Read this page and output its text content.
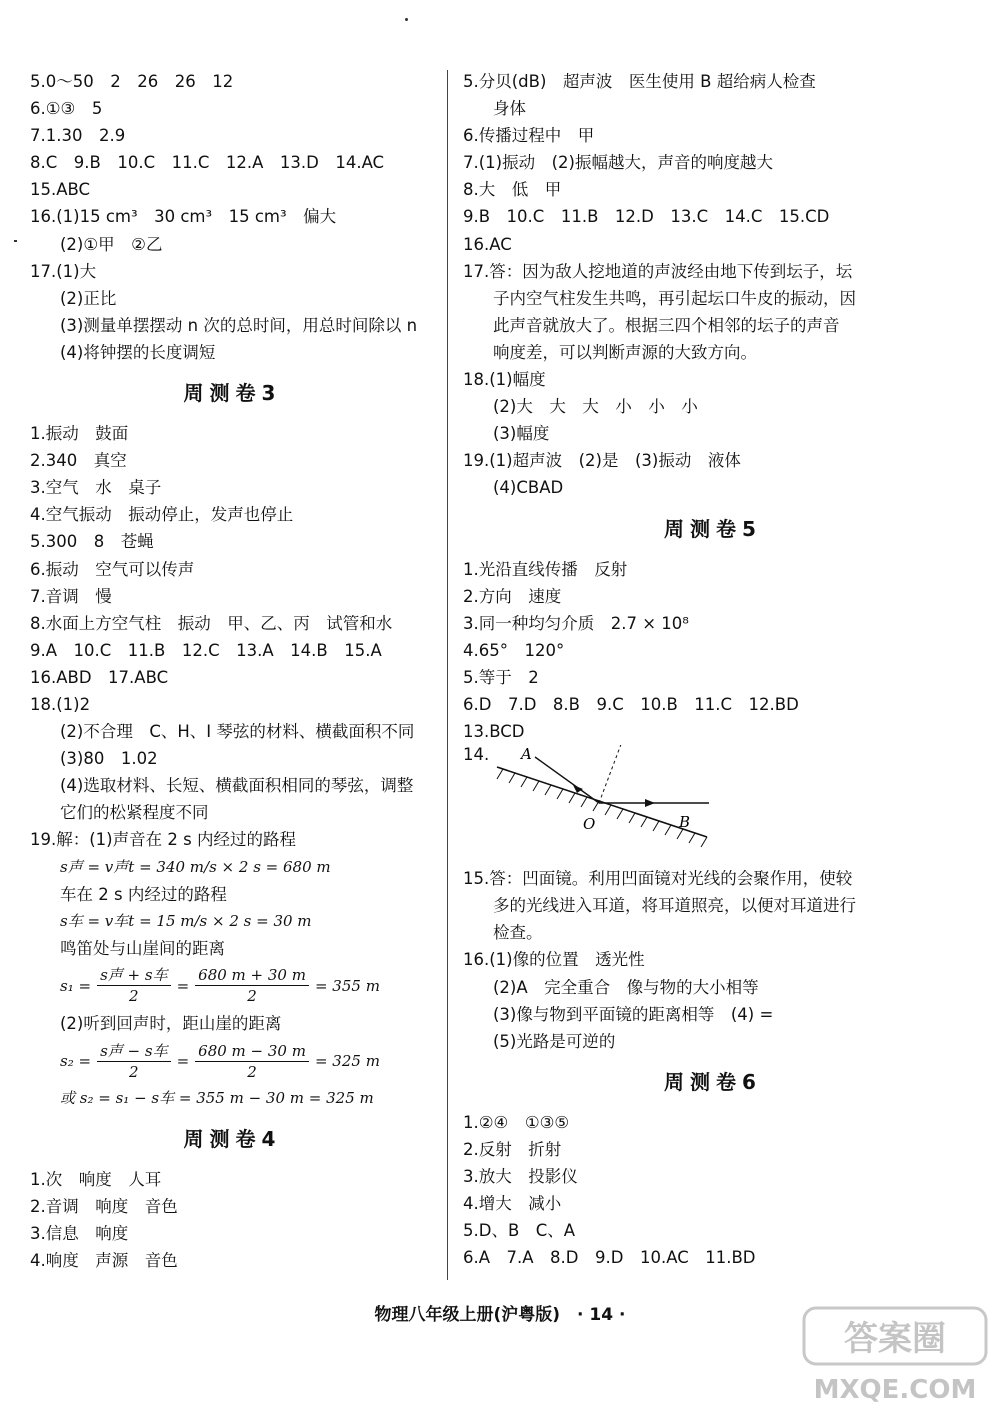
5.0～50　2　26　26　12
6.①③　5
7.1.30　2.9
8.C　9.B　10.C　11.C　12.A　13.D　14.AC
15.ABC
16.(1)15 cm³　30 cm³　15 cm³　偏大
(2)①甲　②乙
17.(1)大
(2)正比
(3)测量单摆摆动 n 次的总时间，用总时间除以 n
(4)将钟摆的长度调短
周测卷3
1.振动　鼓面
2.340　真空
3.空气　水　桌子
4.空气振动　振动停止，发声也停止
5.300　8　苍蝇
6.振动　空气可以传声
7.音调　慢
8.水面上方空气柱　振动　甲、乙、丙　试管和水
9.A　10.C　11.B　12.C　13.A　14.B　15.A
16.ABD　17.ABC
18.(1)2
(2)不合理　C、H、I 琴弦的材料、横截面积不同
(3)80　1.02
(4)选取材料、长短、横截面积相同的琴弦，调整
它们的松紧程度不同
19.解：(1)声音在 2 s 内经过的路程
s声 = v声t = 340 m/s × 2 s = 680 m
车在 2 s 内经过的路程
s车 = v车t = 15 m/s × 2 s = 30 m
鸣笛处与山崖间的距离
$s_1 = \frac{\text{s声 + s车}}{2} = \frac{680 m + 30 m}{2} = 355$ m
(2)听到回声时，距山崖的距离
$s_2 = \frac{\text{s声 − s车}}{2} = \frac{680 m - 30 m}{2} = 325$ m
或 s₂ = s₁ − s车 = 355 m − 30 m = 325 m
周测卷4
1.次　响度　人耳
2.音调　响度　音色
3.信息　响度
4.响度　声源　音色
5.分贝(dB)　超声波　医生使用 B 超给病人检查
身体
6.传播过程中　甲
7.(1)振动　(2)振幅越大，声音的响度越大
8.大　低　甲
9.B　10.C　11.B　12.D　13.C　14.C　15.CD
16.AC
17.答：因为敌人挖地道的声波经由地下传到坛子，坛
子内空气柱发生共鸣，再引起坛口牛皮的振动，因
此声音就放大了。根据三四个相邻的坛子的声音
响度差，可以判断声源的大致方向。
18.(1)幅度
(2)大　大　大　小　小　小
(3)幅度
19.(1)超声波　(2)是　(3)振动　液体
(4)CBAD
周测卷5
1.光沿直线传播　反射
2.方向　速度
3.同一种均匀介质　2.7 × 10⁸
4.65°　120°
5.等于　2
6.D　7.D　8.B　9.C　10.B　11.C　12.BD
13.BCD
14. A
O	B
15.答：凹面镜。利用凹面镜对光线的会聚作用，使较
多的光线进入耳道，将耳道照亮，以便对耳道进行
检查。
16.(1)像的位置　透光性
(2)A　完全重合　像与物的大小相等
(3)像与物到平面镜的距离相等　(4) =
(5)光路是可逆的
周测卷6
1.②④　①③⑤
2.反射　折射
3.放大　投影仪
4.增大　减小
5.D、B　C、A
6.A　7.A　8.D　9.D　10.AC　11.BD
物理八年级上册(沪粤版)　· 14 ·
答案圈
MXQE.COM
